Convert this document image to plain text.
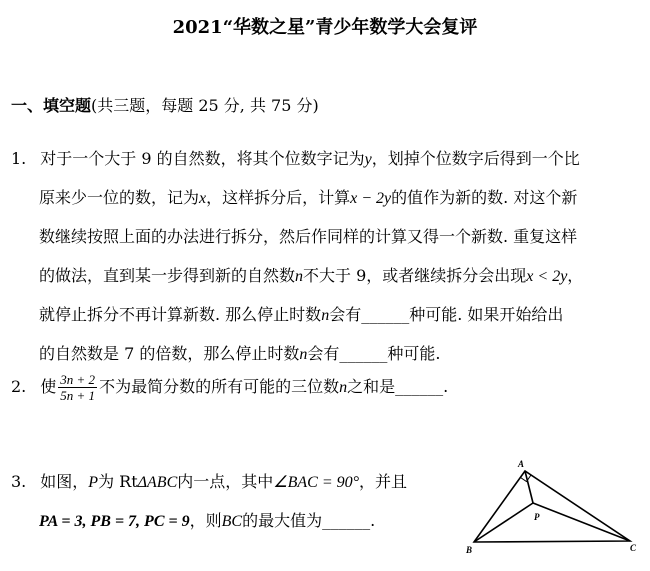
2021“华数之星”青少年数学大会复评
一、填空题(共三题，每题 25 分, 共 75 分)
1. 对于一个大于 9 的自然数，将其个位数字记为y，划掉个位数字后得到一个比
原来少一位的数，记为x，这样拆分后，计算x − 2y的值作为新的数. 对这个新
数继续按照上面的办法进行拆分，然后作同样的计算又得一个新数. 重复这样
的做法，直到某一步得到新的自然数n不大于 9，或者继续拆分会出现x < 2y，
就停止拆分不再计算新数. 那么停止时数n会有______种可能. 如果开始给出
的自然数是 7 的倍数，那么停止时数n会有______种可能.
2. 使 $\frac{3n + 2}{5n + 1}$ 不为最简分数的所有可能的三位数n之和是______.
3. 如图，P为 RtΔABC内一点，其中∠BAC = 90°，并且
PA = 3, PB = 7, PC = 9，则BC的最大值为______.
A
B	C
P
